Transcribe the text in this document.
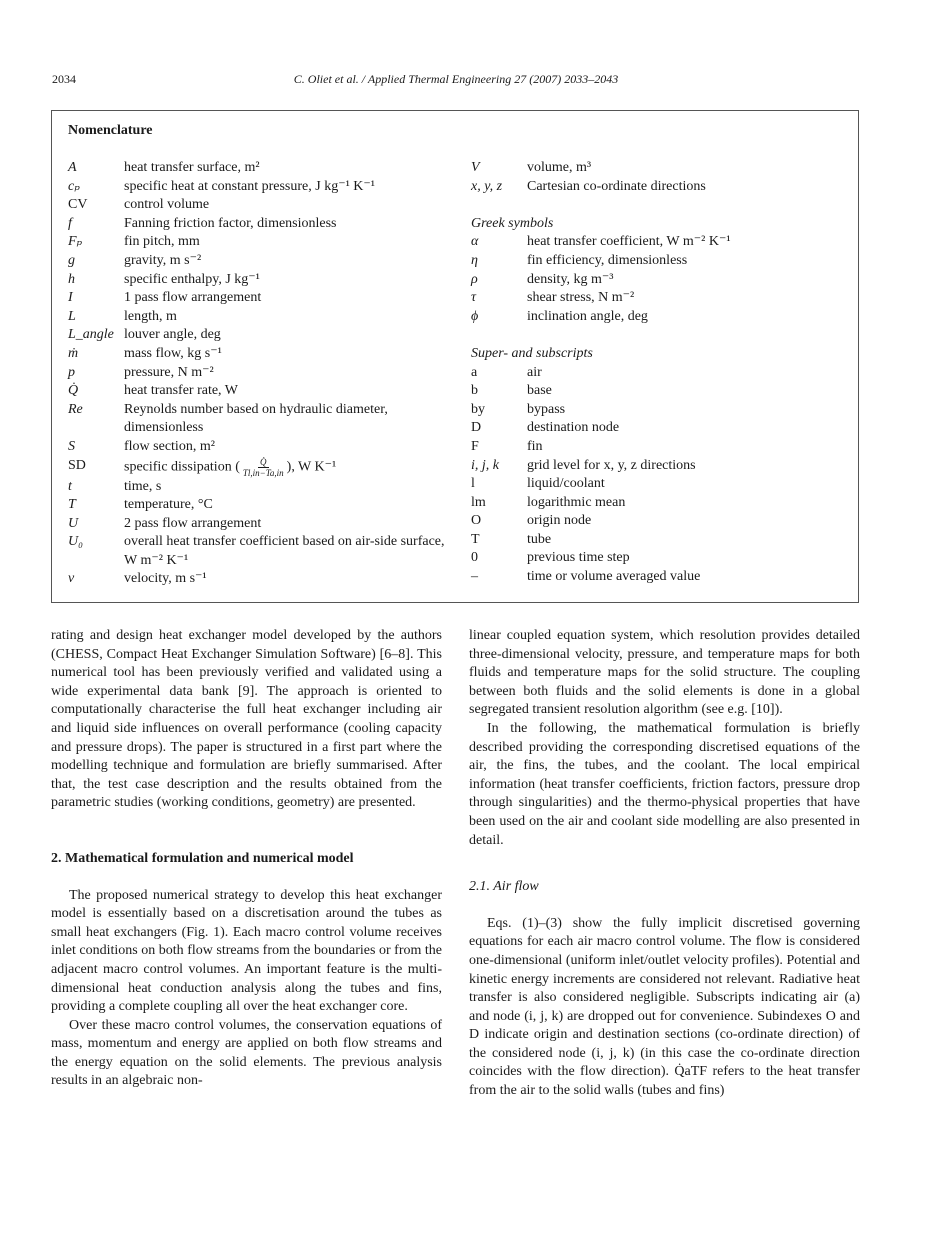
2034	C. Oliet et al. / Applied Thermal Engineering 27 (2007) 2033–2043
Nomenclature
A	heat transfer surface, m²
cₚ	specific heat at constant pressure, J kg⁻¹ K⁻¹
CV	control volume
f	Fanning friction factor, dimensionless
Fₚ	fin pitch, mm
g	gravity, m s⁻²
h	specific enthalpy, J kg⁻¹
I	1 pass flow arrangement
L	length, m
L_angle louver angle, deg
ṁ	mass flow, kg s⁻¹
p	pressure, N m⁻²
Q̇	heat transfer rate, W
Re	Reynolds number based on hydraulic diameter, dimensionless
S	flow section, m²
SD	specific dissipation ( $\frac{Q̇}{Tl,in-Ta,in}$ ), W K⁻¹
t	time, s
T	temperature, °C
U	2 pass flow arrangement
U₀	overall heat transfer coefficient based on air-side surface, W m⁻² K⁻¹
v	velocity, m s⁻¹
V	volume, m³
x, y, z	Cartesian co-ordinate directions
Greek symbols
α	heat transfer coefficient, W m⁻² K⁻¹
η	fin efficiency, dimensionless
ρ	density, kg m⁻³
τ	shear stress, N m⁻²
ϕ	inclination angle, deg
Super- and subscripts
a	air
b	base
by	bypass
D	destination node
F	fin
i, j, k	grid level for x, y, z directions
l	liquid/coolant
lm	logarithmic mean
O	origin node
T	tube
0	previous time step
–	time or volume averaged value

rating and design heat exchanger model developed by the authors (CHESS, Compact Heat Exchanger Simulation Software) [6–8]. This numerical tool has been previously verified and validated using a wide experimental data bank [9]. The approach is oriented to computationally characterise the full heat exchanger including air and liquid side influences on overall performance (cooling capacity and pressure drops). The paper is structured in a first part where the modelling technique and formulation are briefly summarised. After that, the test case description and the results obtained from the parametric studies (working conditions, geometry) are presented.

2. Mathematical formulation and numerical model

The proposed numerical strategy to develop this heat exchanger model is essentially based on a discretisation around the tubes as small heat exchangers (Fig. 1). Each macro control volume receives inlet conditions on both flow streams from the boundaries or from the adjacent macro control volumes. An important feature is the multi-dimensional heat conduction analysis along the tubes and fins, providing a complete coupling all over the heat exchanger core.

Over these macro control volumes, the conservation equations of mass, momentum and energy are applied on both flow streams and the energy equation on the solid elements. The previous analysis results in an algebraic non-

linear coupled equation system, which resolution provides detailed three-dimensional velocity, pressure, and temperature maps for both fluids and temperature maps for the solid structure. The coupling between both fluids and the solid elements is done in a global segregated transient resolution algorithm (see e.g. [10]).

In the following, the mathematical formulation is briefly described providing the corresponding discretised equations of the air, the fins, the tubes, and the coolant. The local empirical information (heat transfer coefficients, friction factors, pressure drop through singularities) and the thermo-physical properties that have been used on the air and coolant side modelling are also presented in detail.

2.1. Air flow

Eqs. (1)–(3) show the fully implicit discretised governing equations for each air macro control volume. The flow is considered one-dimensional (uniform inlet/outlet velocity profiles). Potential and kinetic energy increments are considered not relevant. Radiative heat transfer is also considered negligible. Subscripts indicating air (a) and node (i, j, k) are dropped out for convenience. Subindexes O and D indicate origin and destination sections (co-ordinate direction) of the considered node (i, j, k) (in this case the co-ordinate direction coincides with the flow direction). Q̇aTF refers to the heat transfer from the air to the solid walls (tubes and fins)
